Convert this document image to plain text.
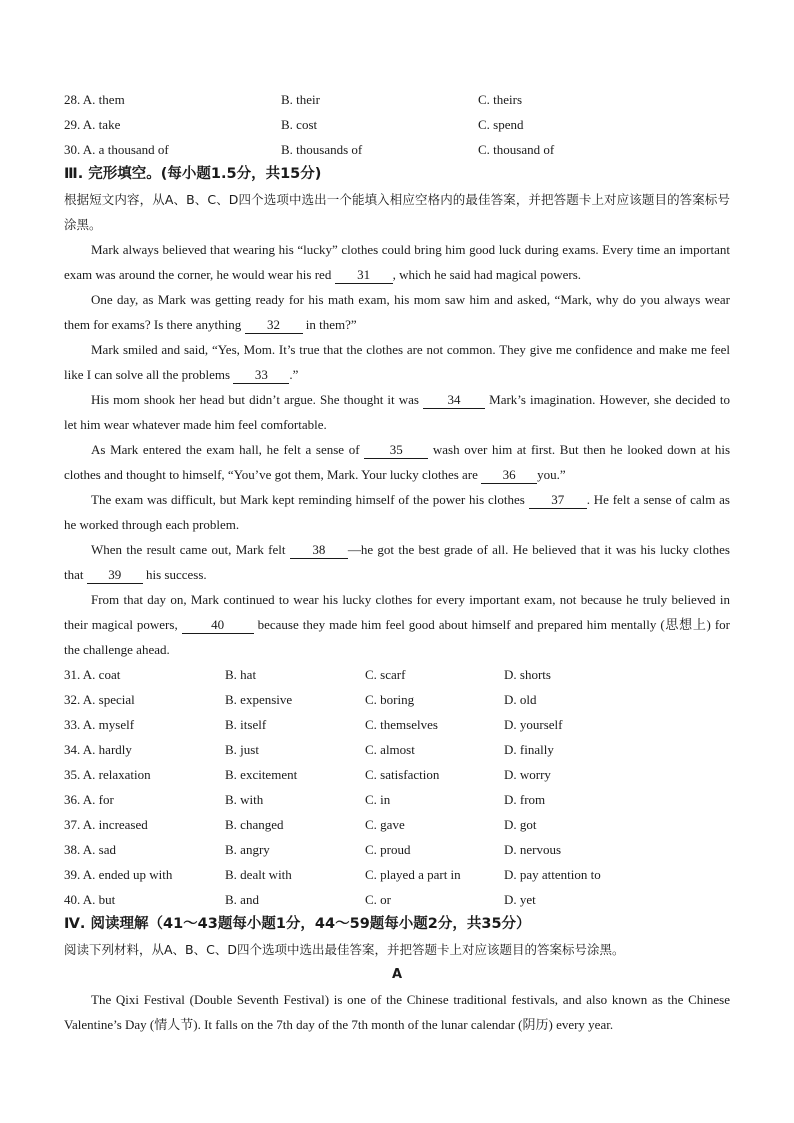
28. A. them	B. their	C. theirs
29. A. take	B. cost	C. spend
30. A. a thousand of	B. thousands of	C. thousand of
Ⅲ. 完形填空。(每小题1.5分，共15分)
根据短文内容，从A、B、C、D四个选项中选出一个能填入相应空格内的最佳答案，并把答题卡上对应该题目的答案标号涂黑。

Mark always believed that wearing his “lucky” clothes could bring him good luck during exams. Every time an important exam was around the corner, he would wear his red 31 , which he said had magical powers.

One day, as Mark was getting ready for his math exam, his mom saw him and asked, “Mark, why do you always wear them for exams? Is there anything 32 in them?”

Mark smiled and said, “Yes, Mom. It’s true that the clothes are not common. They give me confidence and make me feel like I can solve all the problems 33 .”

His mom shook her head but didn’t argue. She thought it was 34 Mark’s imagination. However, she decided to let him wear whatever made him feel comfortable.

As Mark entered the exam hall, he felt a sense of 35 wash over him at first. But then he looked down at his clothes and thought to himself, “You’ve got them, Mark. Your lucky clothes are 36 you.”

The exam was difficult, but Mark kept reminding himself of the power his clothes 37 . He felt a sense of calm as he worked through each problem.

When the result came out, Mark felt 38 —he got the best grade of all. He believed that it was his lucky clothes that 39 his success.

From that day on, Mark continued to wear his lucky clothes for every important exam, not because he truly believed in their magical powers, 40 because they made him feel good about himself and prepared him mentally (思想上) for the challenge ahead.

31. A. coat	B. hat	C. scarf	D. shorts
32. A. special	B. expensive	C. boring	D. old
33. A. myself	B. itself	C. themselves	D. yourself
34. A. hardly	B. just	C. almost	D. finally
35. A. relaxation	B. excitement	C. satisfaction	D. worry
36. A. for	B. with	C. in	D. from
37. A. increased	B. changed	C. gave	D. got
38. A. sad	B. angry	C. proud	D. nervous
39. A. ended up with	B. dealt with	C. played a part in	D. pay attention to
40. A. but	B. and	C. or	D. yet
Ⅳ. 阅读理解（41～43题每小题1分，44～59题每小题2分，共35分）
阅读下列材料，从A、B、C、D四个选项中选出最佳答案，并把答题卡上对应该题目的答案标号涂黑。
A

The Qixi Festival (Double Seventh Festival) is one of the Chinese traditional festivals, and also known as the Chinese Valentine’s Day (情人节). It falls on the 7th day of the 7th month of the lunar calendar (阴历) every year.
